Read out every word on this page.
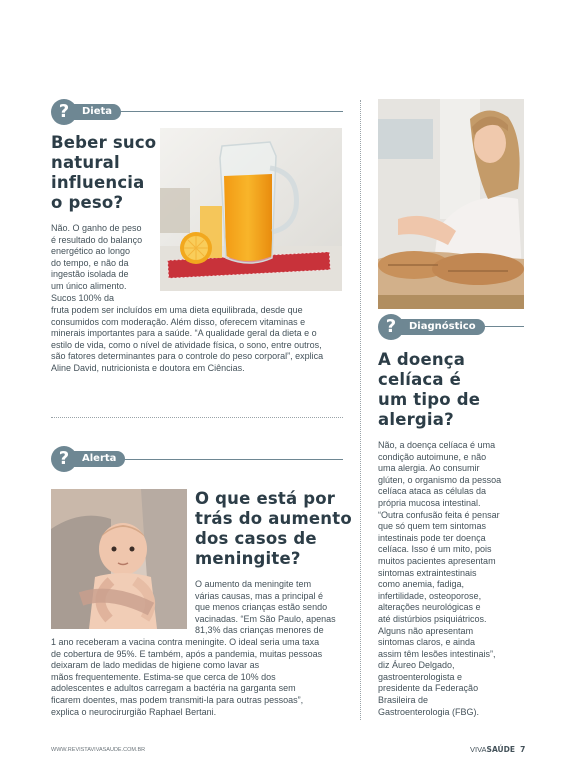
?	Dieta
Beber suco
natural
influencia
o peso?
Não. O ganho de peso
é resultado do balanço
energético ao longo
do tempo, e não da
ingestão isolada de
um único alimento.
Sucos 100% da
fruta podem ser incluídos em uma dieta equilibrada, desde que
consumidos com moderação. Além disso, oferecem vitaminas e
minerais importantes para a saúde. “A qualidade geral da dieta e o
estilo de vida, como o nível de atividade física, o sono, entre outros,
são fatores determinantes para o controle do peso corporal”, explica
Aline David, nutricionista e doutora em Ciências.
?	Alerta
O que está por
trás do aumento
dos casos de
meningite?
O aumento da meningite tem
várias causas, mas a principal é
que menos crianças estão sendo
vacinadas. “Em São Paulo, apenas
81,3% das crianças menores de
1 ano receberam a vacina contra meningite. O ideal seria uma taxa
de cobertura de 95%. E também, após a pandemia, muitas pessoas
deixaram de lado medidas de higiene como lavar as
mãos frequentemente. Estima-se que cerca de 10% dos
adolescentes e adultos carregam a bactéria na garganta sem
ficarem doentes, mas podem transmiti-la para outras pessoas”,
explica o neurocirurgião Raphael Bertani.
?	Diagnóstico
A doença
celíaca é
um tipo de
alergia?
Não, a doença celíaca é uma
condição autoimune, e não
uma alergia. Ao consumir
glúten, o organismo da pessoa
celíaca ataca as células da
própria mucosa intestinal.
“Outra confusão feita é pensar
que só quem tem sintomas
intestinais pode ter doença
celíaca. Isso é um mito, pois
muitos pacientes apresentam
sintomas extraintestinais
como anemia, fadiga,
infertilidade, osteoporose,
alterações neurológicas e
até distúrbios psiquiátricos.
Alguns não apresentam
sintomas claros, e ainda
assim têm lesões intestinais”,
diz Áureo Delgado,
gastroenterologista e
presidente da Federação
Brasileira de
Gastroenterologia (FBG).
WWW.REVISTAVIVASAUDE.COM.BR	VIVASAÚDE 7
